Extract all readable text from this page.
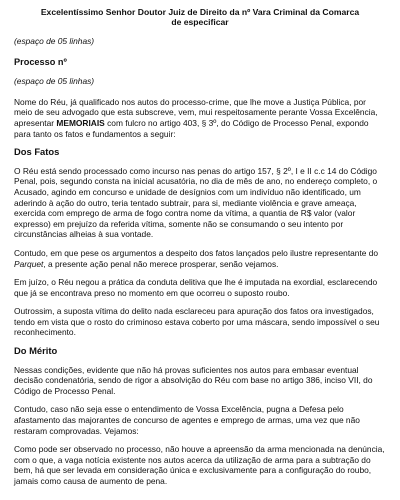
Excelentíssimo Senhor Doutor Juiz de Direito da nº Vara Criminal da Comarca
de especificar
(espaço de 05 linhas)
Processo nº
(espaço de 05 linhas)

Nome do Réu, já qualificado nos autos do processo-crime, que lhe move a Justiça Pública, por meio de seu advogado que esta subscreve, vem, mui respeitosamente perante Vossa Excelência, apresentar MEMORIAIS com fulcro no artigo 403, § 3º, do Código de Processo Penal, expondo para tanto os fatos e fundamentos a seguir:

Dos Fatos

O Réu está sendo processado como incurso nas penas do artigo 157, § 2º, I e II c.c 14 do Código Penal, pois, segundo consta na inicial acusatória, no dia de mês de ano, no endereço completo, o Acusado, agindo em concurso e unidade de desígnios com um indivíduo não identificado, um aderindo à ação do outro, teria tentado subtrair, para si, mediante violência e grave ameaça, exercida com emprego de arma de fogo contra nome da vítima, a quantia de R$ valor (valor expresso) em prejuízo da referida vítima, somente não se consumando o seu intento por circunstâncias alheias à sua vontade.

Contudo, em que pese os argumentos a despeito dos fatos lançados pelo ilustre representante do Parquet, a presente ação penal não merece prosperar, senão vejamos.

Em juízo, o Réu negou a prática da conduta delitiva que lhe é imputada na exordial, esclarecendo que já se encontrava preso no momento em que ocorreu o suposto roubo.

Outrossim, a suposta vítima do delito nada esclareceu para apuração dos fatos ora investigados, tendo em vista que o rosto do criminoso estava coberto por uma máscara, sendo impossível o seu reconhecimento.

Do Mérito

Nessas condições, evidente que não há provas suficientes nos autos para embasar eventual decisão condenatória, sendo de rigor a absolvição do Réu com base no artigo 386, inciso VII, do Código de Processo Penal.

Contudo, caso não seja esse o entendimento de Vossa Excelência, pugna a Defesa pelo afastamento das majorantes de concurso de agentes e emprego de armas, uma vez que não restaram comprovadas. Vejamos:

Como pode ser observado no processo, não houve a apreensão da arma mencionada na denúncia, com o que, a vaga notícia existente nos autos acerca da utilização de arma para a subtração do bem, há que ser levada em consideração única e exclusivamente para a configuração do roubo, jamais como causa de aumento de pena.
